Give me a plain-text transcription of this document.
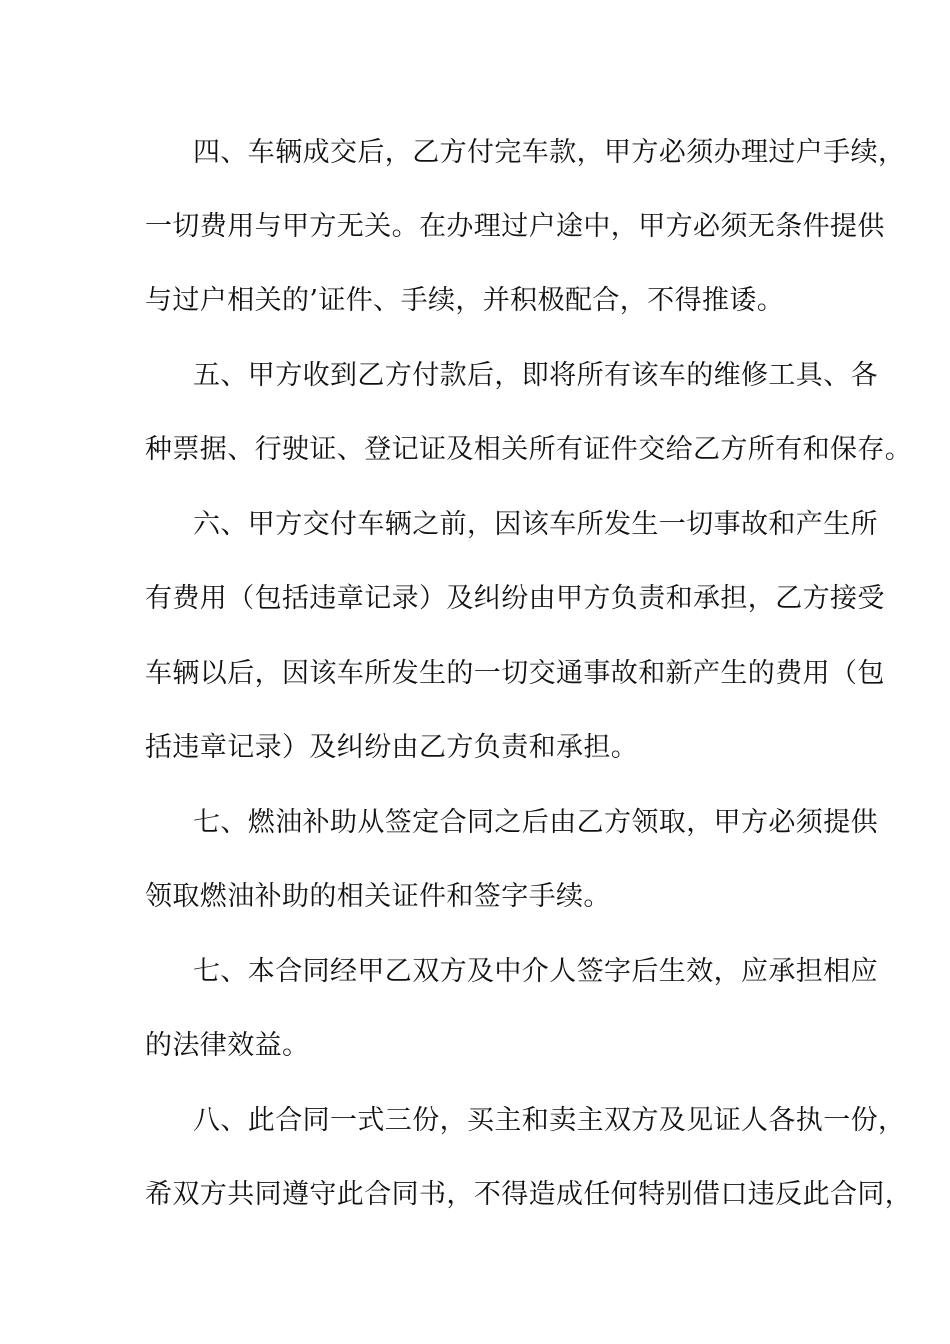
四、车辆成交后，乙方付完车款，甲方必须办理过户手续，
一切费用与甲方无关。在办理过户途中，甲方必须无条件提供
与过户相关的’证件、手续，并积极配合，不得推诿。
五、甲方收到乙方付款后，即将所有该车的维修工具、各
种票据、行驶证、登记证及相关所有证件交给乙方所有和保存。
六、甲方交付车辆之前，因该车所发生一切事故和产生所
有费用（包括违章记录）及纠纷由甲方负责和承担，乙方接受
车辆以后，因该车所发生的一切交通事故和新产生的费用（包
括违章记录）及纠纷由乙方负责和承担。
七、燃油补助从签定合同之后由乙方领取，甲方必须提供
领取燃油补助的相关证件和签字手续。
七、本合同经甲乙双方及中介人签字后生效，应承担相应
的法律效益。
八、此合同一式三份，买主和卖主双方及见证人各执一份，
希双方共同遵守此合同书，不得造成任何特别借口违反此合同，
